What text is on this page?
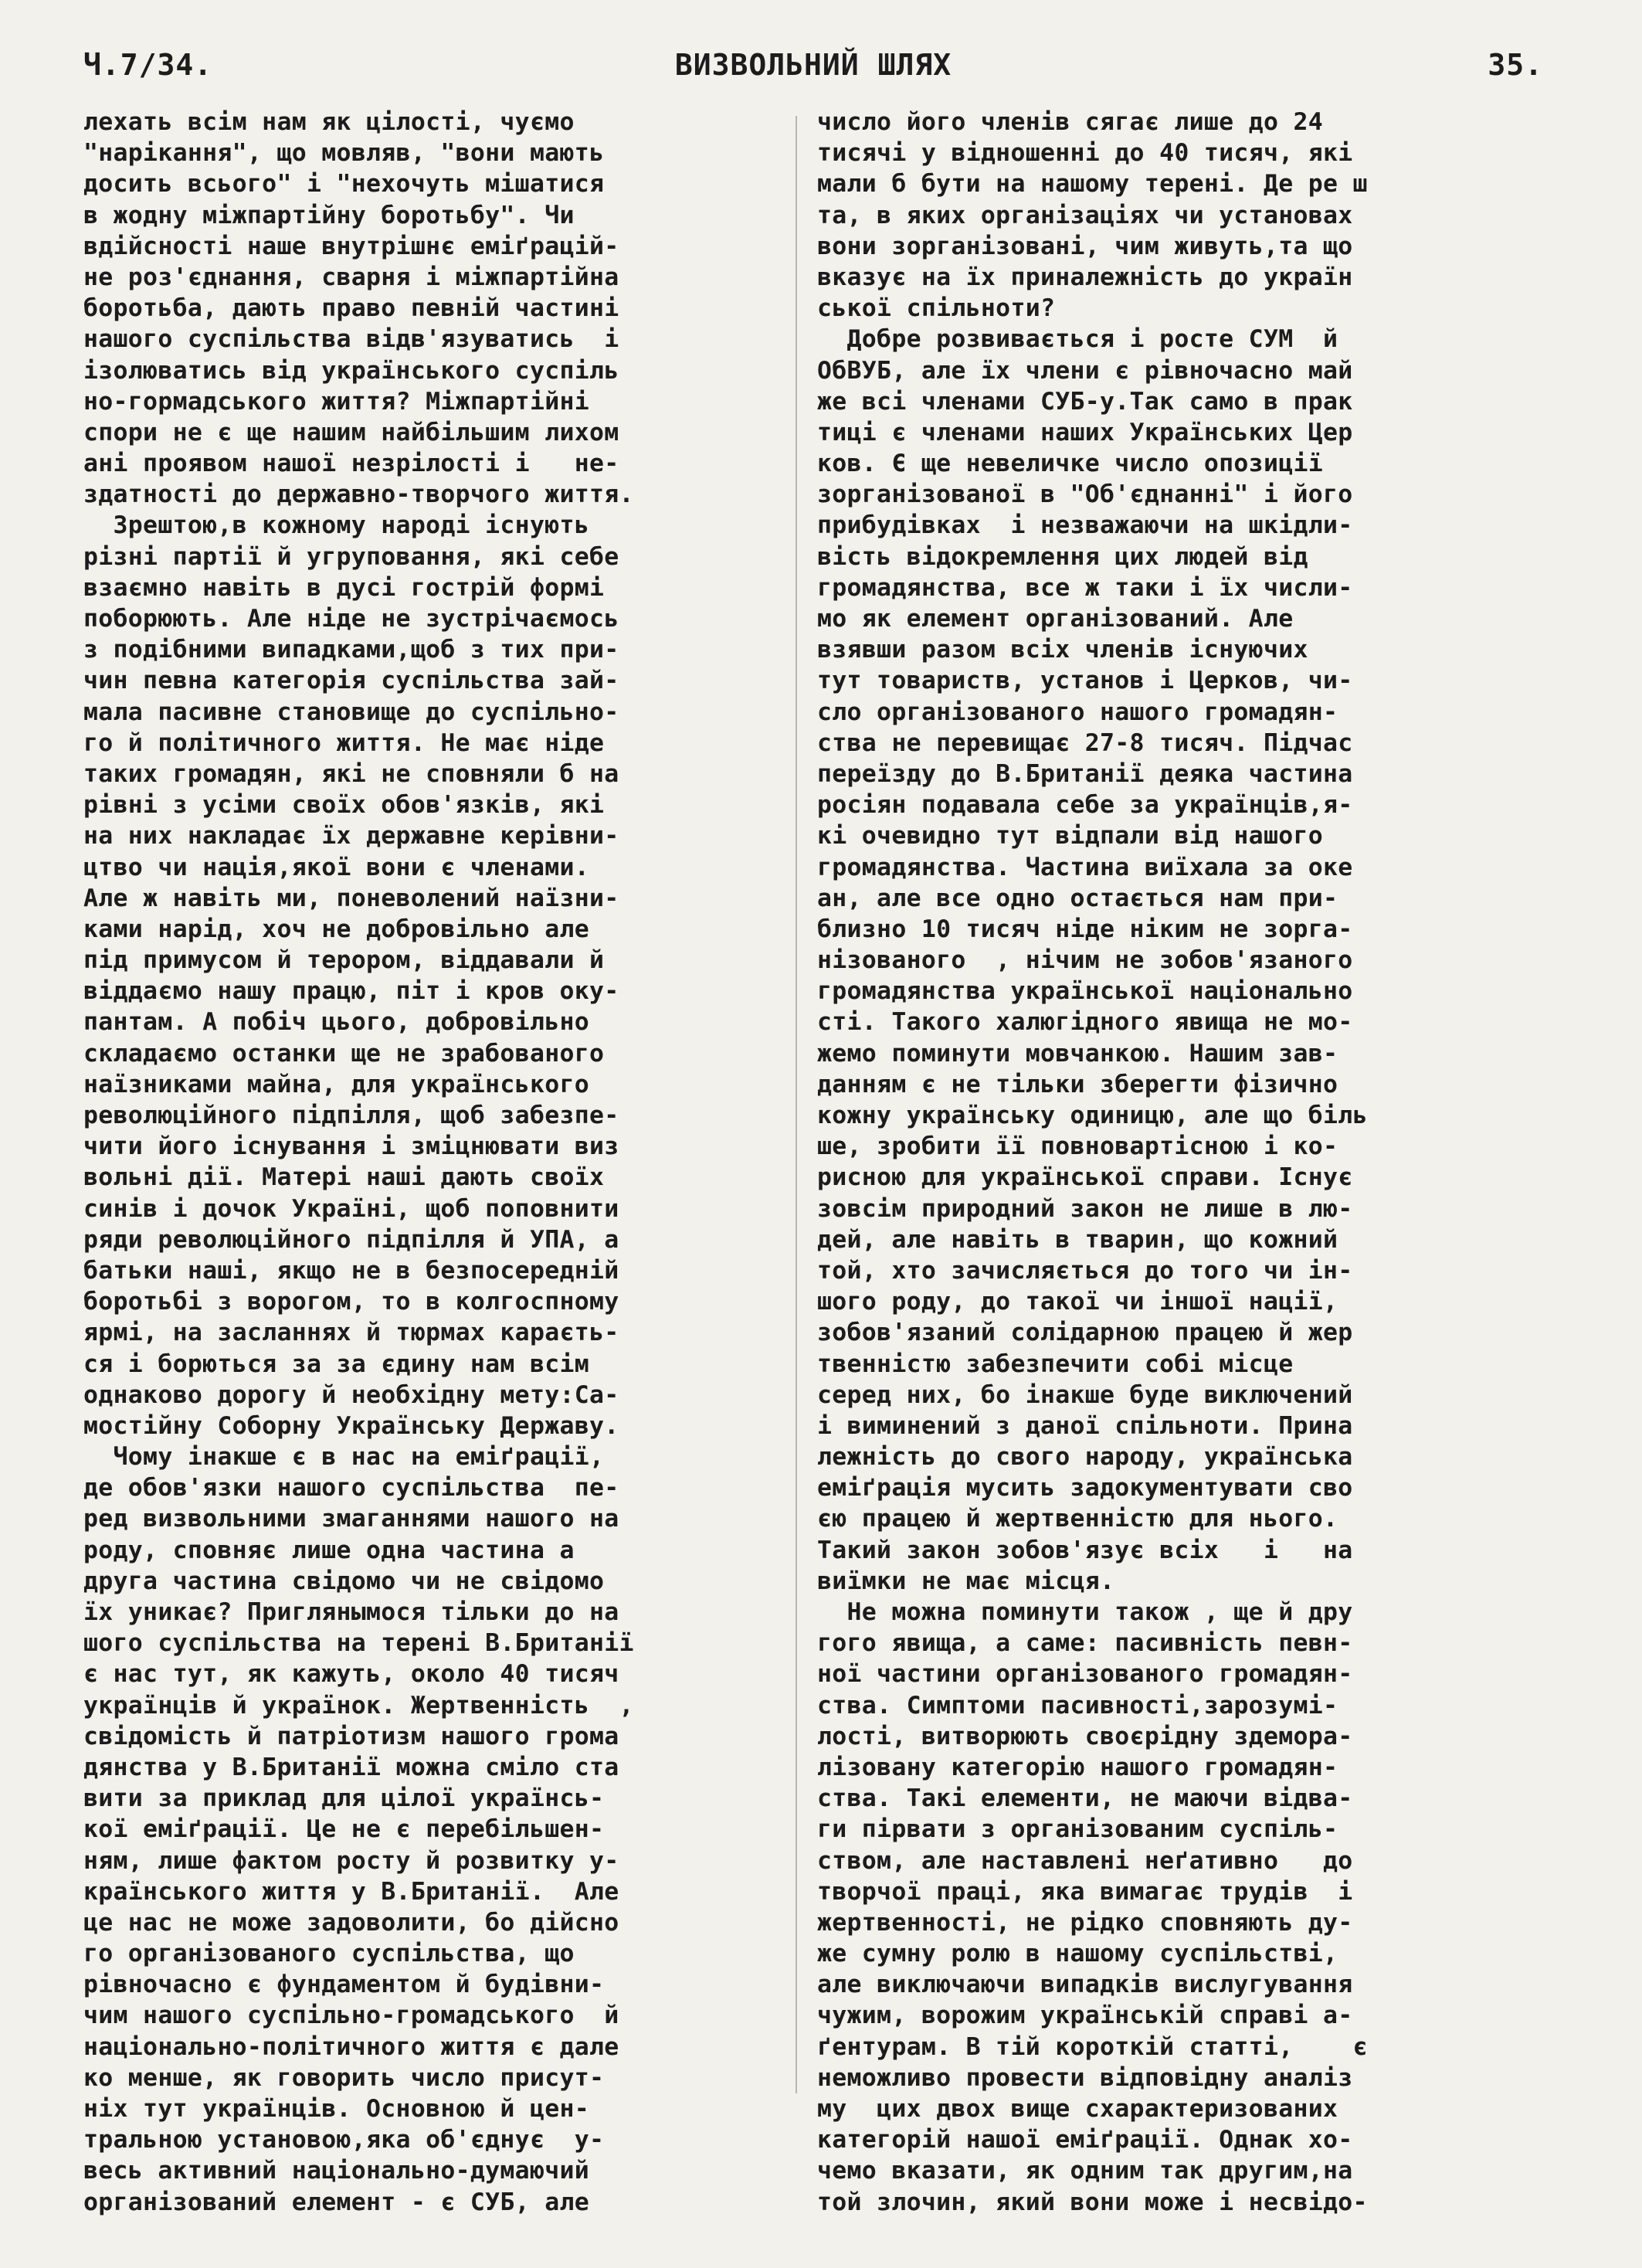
Ч.7/34.	ВИЗВОЛЬНИЙ ШЛЯХ	35.
лехать всім нам як цілості, чуємо
"нарікання", що мовляв, "вони мають
досить всього" і "нехочуть мішатися
в жодну міжпартійну боротьбу". Чи
вдійсності наше внутрішнє еміґрацій-
не роз'єднання, сварня і міжпартійна
боротьба, дають право певній частині
нашого суспільства відв'язуватись  і
ізолюватись від українського суспіль
но-гормадського життя? Міжпартійні
спори не є ще нашим найбільшим лихом
ані проявом нашої незрілості і   не-
здатності до державно-творчого життя.
Зрештою,в кожному народі існують
різні партії й угруповання, які себе
взаємно навіть в дусі гострій формі
поборюють. Але ніде не зустрічаємось
з подібними випадками,щоб з тих при-
чин певна категорія суспільства зай-
мала пасивне становище до суспільно-
го й політичного життя. Не має ніде
таких громадян, які не сповняли б на
рівні з усіми своїх обов'язків, які
на них накладає їх державне керівни-
цтво чи нація,якої вони є членами.
Але ж навіть ми, поневолений наїзни-
ками нарід, хоч не добровільно але
під примусом й терором, віддавали й
віддаємо нашу працю, піт і кров оку-
пантам. А побіч цього, добровільно
складаємо останки ще не зрабованого
наїзниками майна, для українського
революційного підпілля, щоб забезпе-
чити його існування і зміцнювати виз
вольні дії. Матері наші дають своїх
синів і дочок Україні, щоб поповнити
ряди революційного підпілля й УПА, а
батьки наші, якщо не в безпосередній
боротьбі з ворогом, то в колгоспному
ярмі, на засланнях й тюрмах караєть-
ся і борються за за єдину нам всім
однаково дорогу й необхідну мету:Са-
мостійну Соборну Українську Державу.
Чому інакше є в нас на еміґрації,
де обов'язки нашого суспільства  пе-
ред визвольними змаганнями нашого на
роду, сповняє лише одна частина а
друга частина свідомо чи не свідомо
їх уникає? Приглянымося тільки до на
шого суспільства на терені В.Британії
є нас тут, як кажуть, около 40 тисяч
українців й українок. Жертвенність  ,
свідомість й патріотизм нашого грома
дянства у В.Британії можна сміло ста
вити за приклад для цілої українсь-
кої еміґрації. Це не є перебільшен-
ням, лише фактом росту й розвитку у-
країнського життя у В.Британії.  Але
це нас не може задоволити, бо дійсно
го організованого суспільства, що
рівночасно є фундаментом й будівни-
чим нашого суспільно-громадського  й
національно-політичного життя є дале
ко менше, як говорить число присут-
ніх тут українців. Основною й цен-
тральною установою,яка об'єднує  у-
весь активний національно-думаючий
організований елемент - є СУБ, але
число його членів сягає лише до 24
тисячі у відношенні до 40 тисяч, які
мали б бути на нашому терені. Де ре ш
та, в яких організаціях чи установах
вони зорганізовані, чим живуть,та що
вказує на їх приналежність до україн
ської спільноти?
Добре розвивається і росте СУМ  й
ОбВУБ, але їх члени є рівночасно май
же всі членами СУБ-у.Так само в прак
тиці є членами наших Українських Цер
ков. Є ще невеличке число опозиції
зорганізованої в "Об'єднанні" і його
прибудівках  і незважаючи на шкідли-
вість відокремлення цих людей від
громадянства, все ж таки і їх числи-
мо як елемент організований. Але
взявши разом всіх членів існуючих
тут товариств, установ і Церков, чи-
сло організованого нашого громадян-
ства не перевищає 27-8 тисяч. Підчас
переїзду до В.Британії деяка частина
росіян подавала себе за українців,я-
кі очевидно тут відпали від нашого
громадянства. Частина виїхала за оке
ан, але все одно остається нам при-
близно 10 тисяч ніде ніким не зорга-
нізованого  , нічим не зобов'язаного
громадянства української національно
сті. Такого халюгідного явища не мо-
жемо поминути мовчанкою. Нашим зав-
данням є не тільки зберегти фізично
кожну українську одиницю, але що біль
ше, зробити її повновартісною і ко-
рисною для української справи. Існує
зовсім природний закон не лише в лю-
дей, але навіть в тварин, що кожний
той, хто зачисляється до того чи ін-
шого роду, до такої чи іншої нації,
зобов'язаний солідарною працею й жер
твенністю забезпечити собі місце
серед них, бо інакше буде виключений
і виминений з даної спільноти. Прина
лежність до свого народу, українська
еміґрація мусить задокументувати сво
єю працею й жертвенністю для нього.
Такий закон зобов'язує всіх   і   на
виїмки не має місця.
Не можна поминути також , ще й дру
гого явища, а саме: пасивність певн-
ної частини організованого громадян-
ства. Симптоми пасивності,зарозумі-
лості, витворюють своєрідну здемора-
лізовану категорію нашого громадян-
ства. Такі елементи, не маючи відва-
ги пірвати з організованим суспіль-
ством, але наставлені неґативно   до
творчої праці, яка вимагає трудів  і
жертвенності, не рідко сповняють ду-
же сумну ролю в нашому суспільстві,
але виключаючи випадків вислугування
чужим, ворожим українській справі а-
ґентурам. В тій короткій статті,    є
неможливо провести відповідну аналіз
му  цих двох вище схарактеризованих
категорій нашої еміґрації. Однак хо-
чемо вказати, як одним так другим,на
той злочин, який вони може і несвідо-
